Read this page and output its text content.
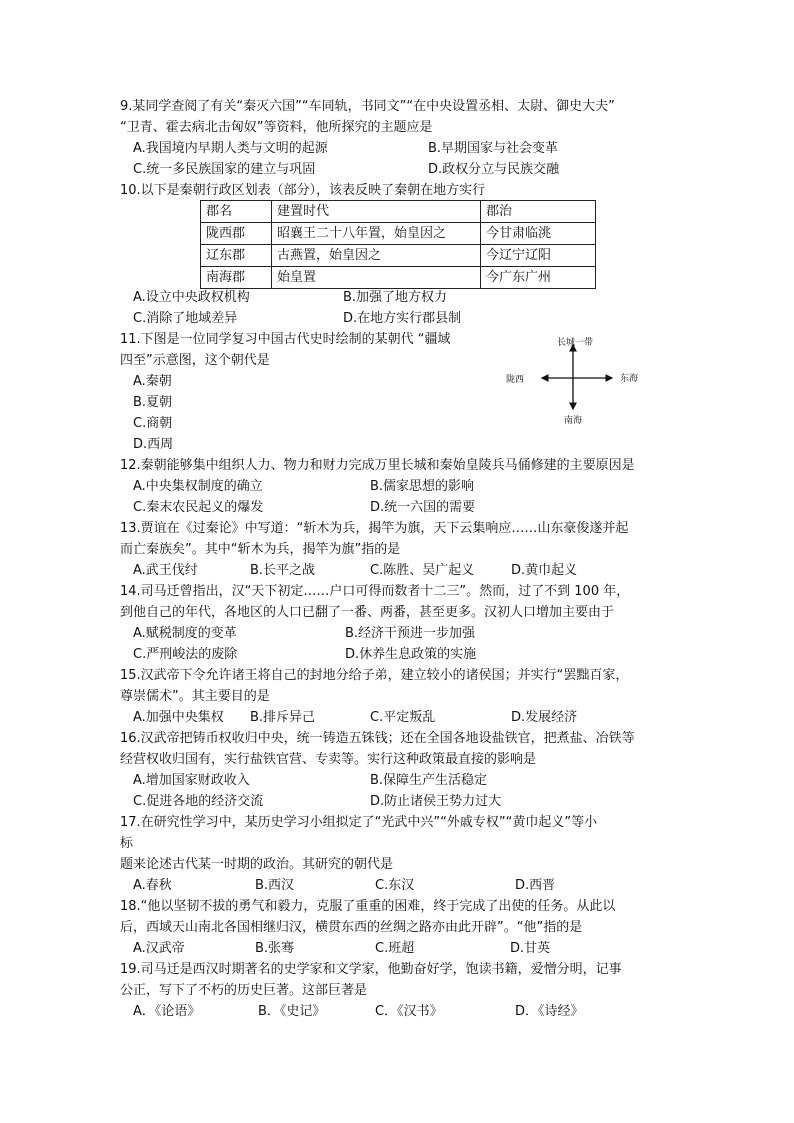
9.某同学查阅了有关“秦灭六国”“车同轨，书同文”“在中央设置丞相、太尉、御史大夫”
“卫青、霍去病北击匈奴”等资料，他所探究的主题应是
A.我国境内早期人类与文明的起源	B.早期国家与社会变革
C.统一多民族国家的建立与巩固	D.政权分立与民族交融
10.以下是秦朝行政区划表（部分），该表反映了秦朝在地方实行
郡名	建置时代	郡治
陇西郡	昭襄王二十八年置，始皇因之	今甘肃临洮
辽东郡	古燕置，始皇因之	今辽宁辽阳
南海郡	始皇置	今广东广州
A.设立中央政权机构	B.加强了地方权力
C.消除了地域差异	D.在地方实行郡县制
11.下图是一位同学复习中国古代史时绘制的某朝代 “疆域
四至”示意图，这个朝代是
A.秦朝
B.夏朝
C.商朝
D.西周
长城一带
陇西	东海
南海
12.秦朝能够集中组织人力、物力和财力完成万里长城和秦始皇陵兵马俑修建的主要原因是
A.中央集权制度的确立	B.儒家思想的影响
C.秦末农民起义的爆发	D.统一六国的需要
13.贾谊在《过秦论》中写道：“斩木为兵，揭竿为旗，天下云集响应……山东豪俊遂并起
而亡秦族矣”。其中“斩木为兵，揭竿为旗”指的是
A.武王伐纣	B.长平之战	C.陈胜、吴广起义	D.黄巾起义
14.司马迁曾指出，汉“天下初定……户口可得而数者十二三”。然而，过了不到 100 年，
到他自己的年代，各地区的人口已翻了一番、两番，甚至更多。汉初人口增加主要由于
A.赋税制度的变革	B.经济干预进一步加强
C.严刑峻法的废除	D.休养生息政策的实施
15.汉武帝下令允许诸王将自己的封地分给子弟，建立较小的诸侯国；并实行“罢黜百家，
尊崇儒术”。其主要目的是
A.加强中央集权 B.排斥异己	C.平定叛乱	D.发展经济
16.汉武帝把铸币权收归中央，统一铸造五铢钱；还在全国各地设盐铁官，把煮盐、冶铁等
经营权收归国有，实行盐铁官营、专卖等。实行这种政策最直接的影响是
A.增加国家财政收入	B.保障生产生活稳定
C.促进各地的经济交流	D.防止诸侯王势力过大
17.在研究性学习中，某历史学习小组拟定了“光武中兴”“外戚专权”“黄巾起义”等小
标
题来论述古代某一时期的政治。其研究的朝代是
A.春秋	B.西汉	C.东汉	D.西晋
18.“他以坚韧不拔的勇气和毅力，克服了重重的困难，终于完成了出使的任务。从此以
后，西域天山南北各国相继归汉，横贯东西的丝绸之路亦由此开辟”。“他”指的是
A.汉武帝	B.张骞	C.班超	D.甘英
19.司马迁是西汉时期著名的史学家和文学家，他勤奋好学，饱读书籍，爱憎分明，记事
公正，写下了不朽的历史巨著。这部巨著是
A．《论语》	B．《史记》	C．《汉书》	D．《诗经》
